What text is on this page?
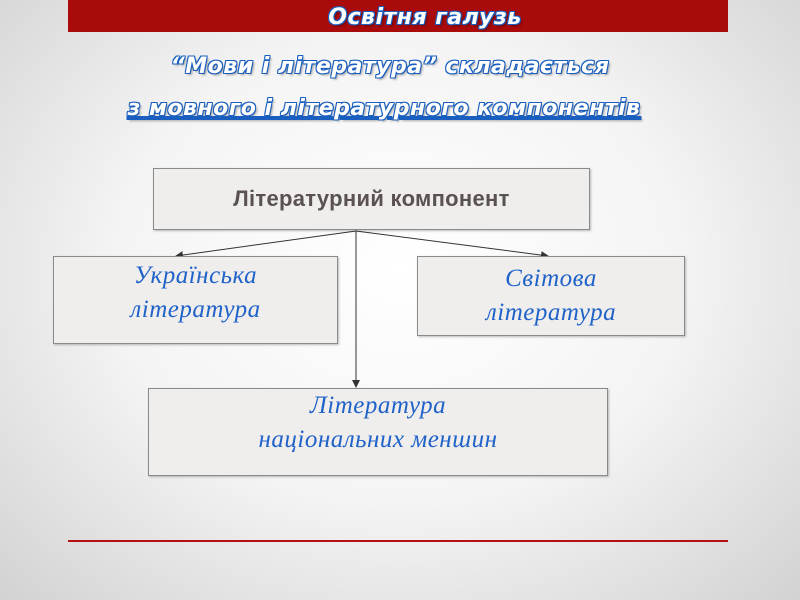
Освітня галузь
“Мови і література” складається
з мовного і літературного компонентів
Літературний компонент
Українська
література
Світова
література
Література
національних меншин
